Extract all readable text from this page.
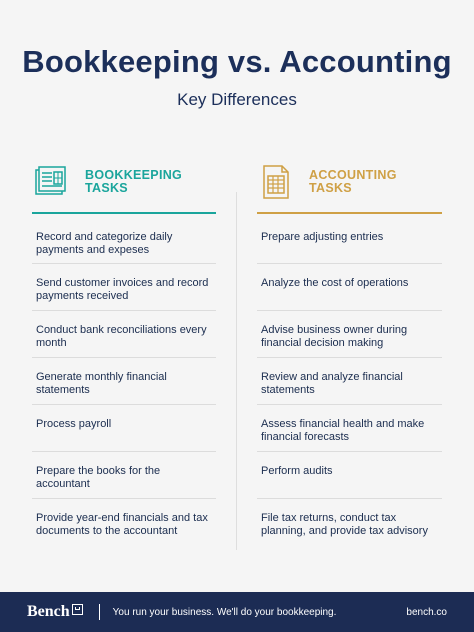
Bookkeeping vs. Accounting
Key Differences
BOOKKEEPING TASKS
ACCOUNTING TASKS
Record and categorize daily payments and expeses
Send customer invoices and record payments received
Conduct bank reconciliations every month
Generate monthly financial statements
Process payroll
Prepare the books for the accountant
Provide year-end financials and tax documents to the accountant
Prepare adjusting entries
Analyze the cost of operations
Advise business owner during financial decision making
Review and analyze financial statements
Assess financial health and make financial forecasts
Perform audits
File tax returns, conduct tax planning, and provide tax advisory
Bench	You run your business. We'll do your bookkeeping.	bench.co
